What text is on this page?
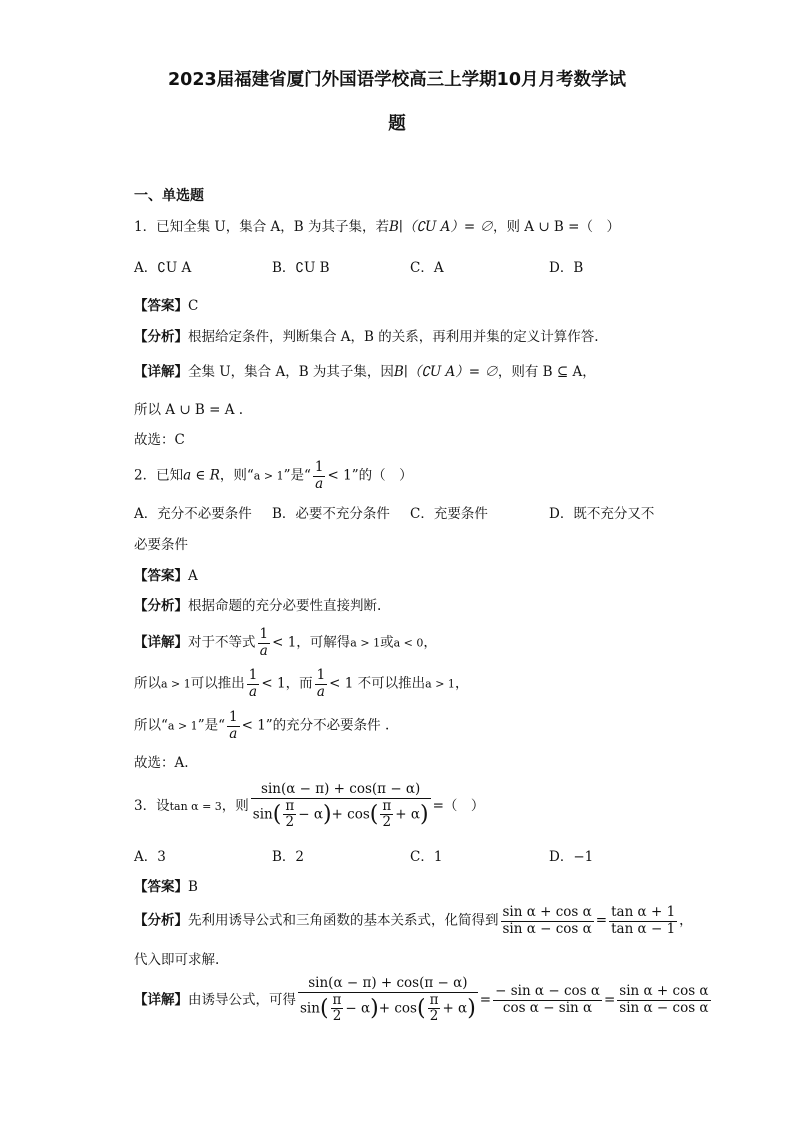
2023届福建省厦门外国语学校高三上学期10月月考数学试
题
一、单选题
1．已知全集 U，集合 A，B 为其子集，若B∣（∁U A）= ∅，则 A ∪ B =（　）
A．∁U A	B．∁U B	C．A	D．B
【答案】C
【分析】根据给定条件，判断集合 A，B 的关系，再利用并集的定义计算作答.
【详解】全集 U，集合 A，B 为其子集，因B∣（∁U A）= ∅，则有 B ⊆ A，
所以 A ∪ B = A .
故选：C
2．已知a ∈ R，则“a > 1”是“ $\frac{1}{a} < 1$”的（　）
A．充分不必要条件 B．必要不充分条件 C．充要条件	D．既不充分又不
必要条件
【答案】A
【分析】根据命题的充分必要性直接判断.
【详解】对于不等式 $\frac{1}{a} < 1$，可解得a > 1或a < 0，
所以a > 1可以推出 $\frac{1}{a} < 1$，而 $\frac{1}{a} < 1$ 不可以推出a > 1，
所以“a > 1”是“ $\frac{1}{a} < 1$”的充分不必要条件 .
故选：A.
3．设tan α = 3，则 $\frac{\sin(\alpha - \pi) + \cos(\pi - \alpha)}{\sin( \frac{\pi}{2} - \alpha)+ \cos( \frac{\pi}{2} + \alpha)}$ =（　）
A．3	B．2	C．1	D．−1
【答案】B
【分析】先利用诱导公式和三角函数的基本关系式，化简得到 $\frac{\text{sin α + cos α}}{\text{sin α − cos α}} = \frac{\text{tan α + 1}}{\text{tan α − 1}}$ ，
代入即可求解.
【详解】由诱导公式，可得 $\frac{\sin(\alpha - \pi) + \cos(\pi - \alpha)}{\sin( \frac{\pi}{2} - \alpha)+ \cos( \frac{\pi}{2} + \alpha)} = \frac{\text{− sin α − cos α}}{\text{cos α − sin α}} = \frac{\text{sin α + cos α}}{\text{sin α − cos α}}$
